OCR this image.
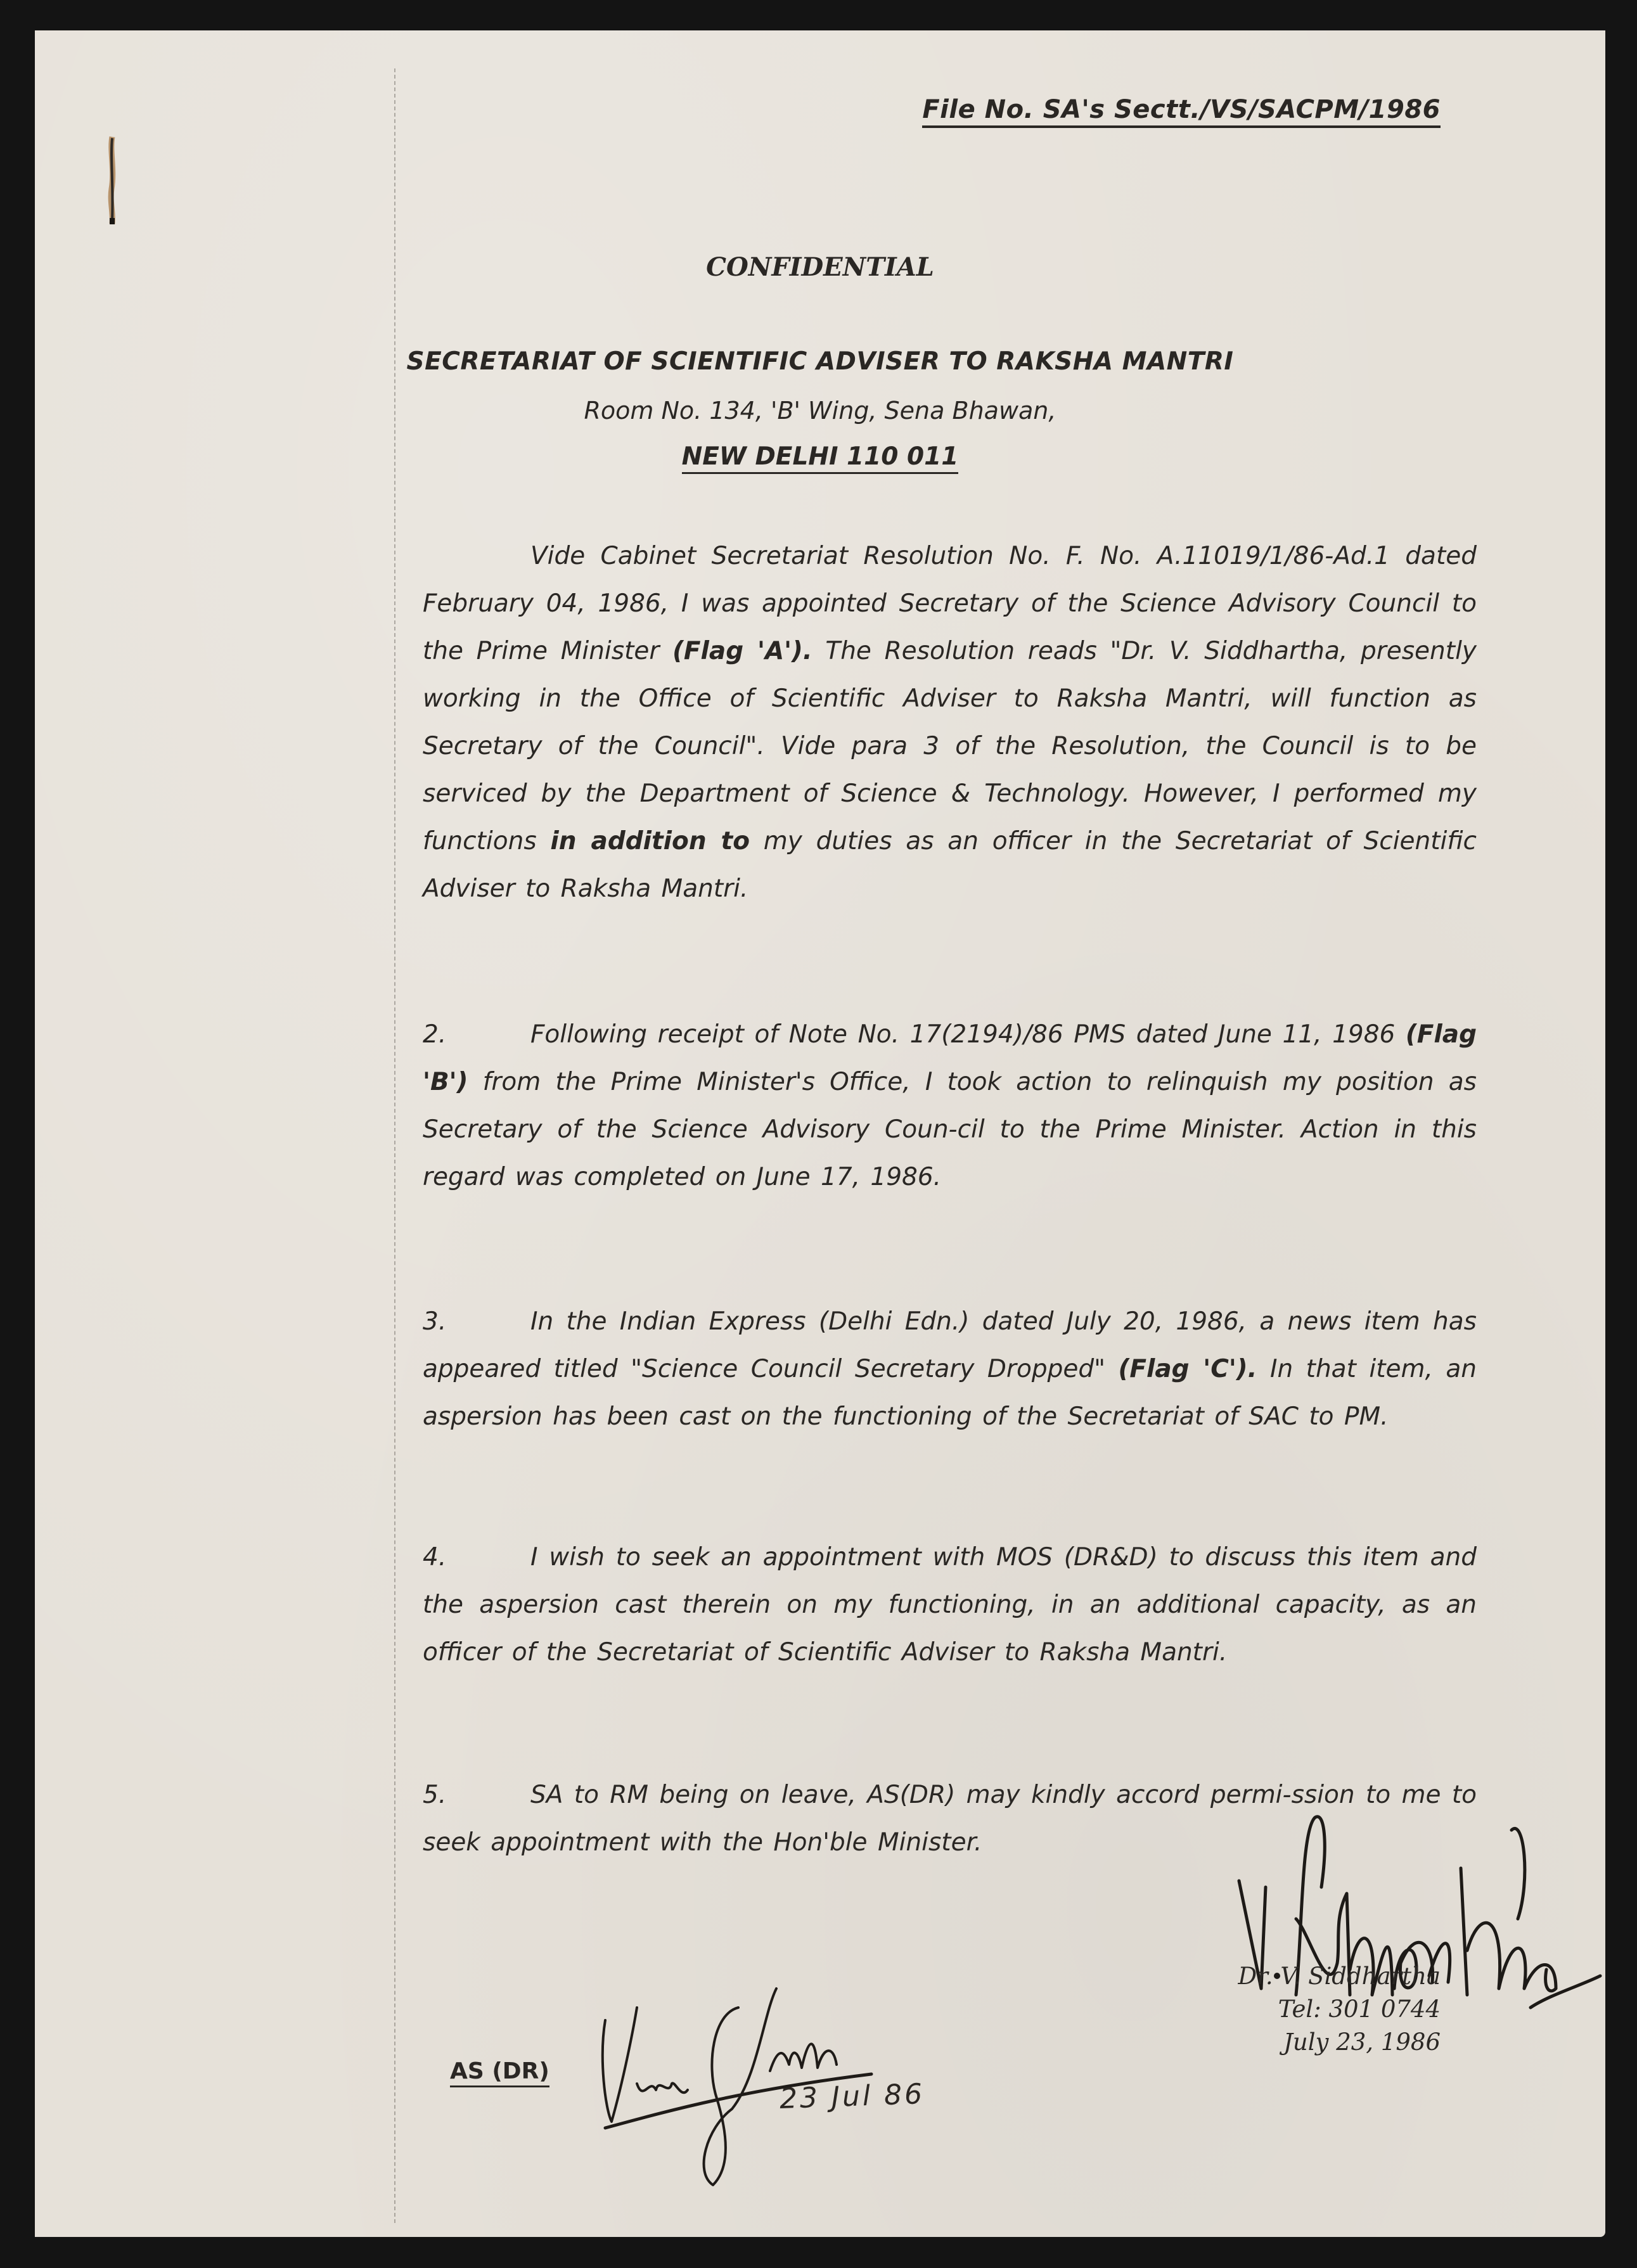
File No. SA's Sectt./VS/SACPM/1986
CONFIDENTIAL
SECRETARIAT OF SCIENTIFIC ADVISER TO RAKSHA MANTRI
Room No. 134, 'B' Wing, Sena Bhawan,
NEW DELHI 110 011

Vide Cabinet Secretariat Resolution No. F. No. A.11019/1/86-Ad.1 dated February 04, 1986, I was appointed Secretary of the Science Advisory Council to the Prime Minister (Flag 'A'). The Resolution reads "Dr. V. Siddhartha, presently working in the Office of Scientific Adviser to Raksha Mantri, will function as Secretary of the Council". Vide para 3 of the Resolution, the Council is to be serviced by the Department of Science & Technology. However, I performed my functions in addition to my duties as an officer in the Secretariat of Scientific Adviser to Raksha Mantri.

2.	Following receipt of Note No. 17(2194)/86 PMS dated June 11, 1986 (Flag 'B') from the Prime Minister's Office, I took action to relinquish my position as Secretary of the Science Advisory Coun-cil to the Prime Minister. Action in this regard was completed on June 17, 1986.

3.	In the Indian Express (Delhi Edn.) dated July 20, 1986, a news item has appeared titled "Science Council Secretary Dropped" (Flag 'C'). In that item, an aspersion has been cast on the functioning of the Secretariat of SAC to PM.

4.	I wish to seek an appointment with MOS (DR&D) to discuss this item and the aspersion cast therein on my functioning, in an additional capacity, as an officer of the Secretariat of Scientific Adviser to Raksha Mantri.

5.	SA to RM being on leave, AS(DR) may kindly accord permi-ssion to me to seek appointment with the Hon'ble Minister.

Dr. V. Siddhartha
Tel: 301 0744
July 23, 1986
AS (DR)
23 Jul 86
